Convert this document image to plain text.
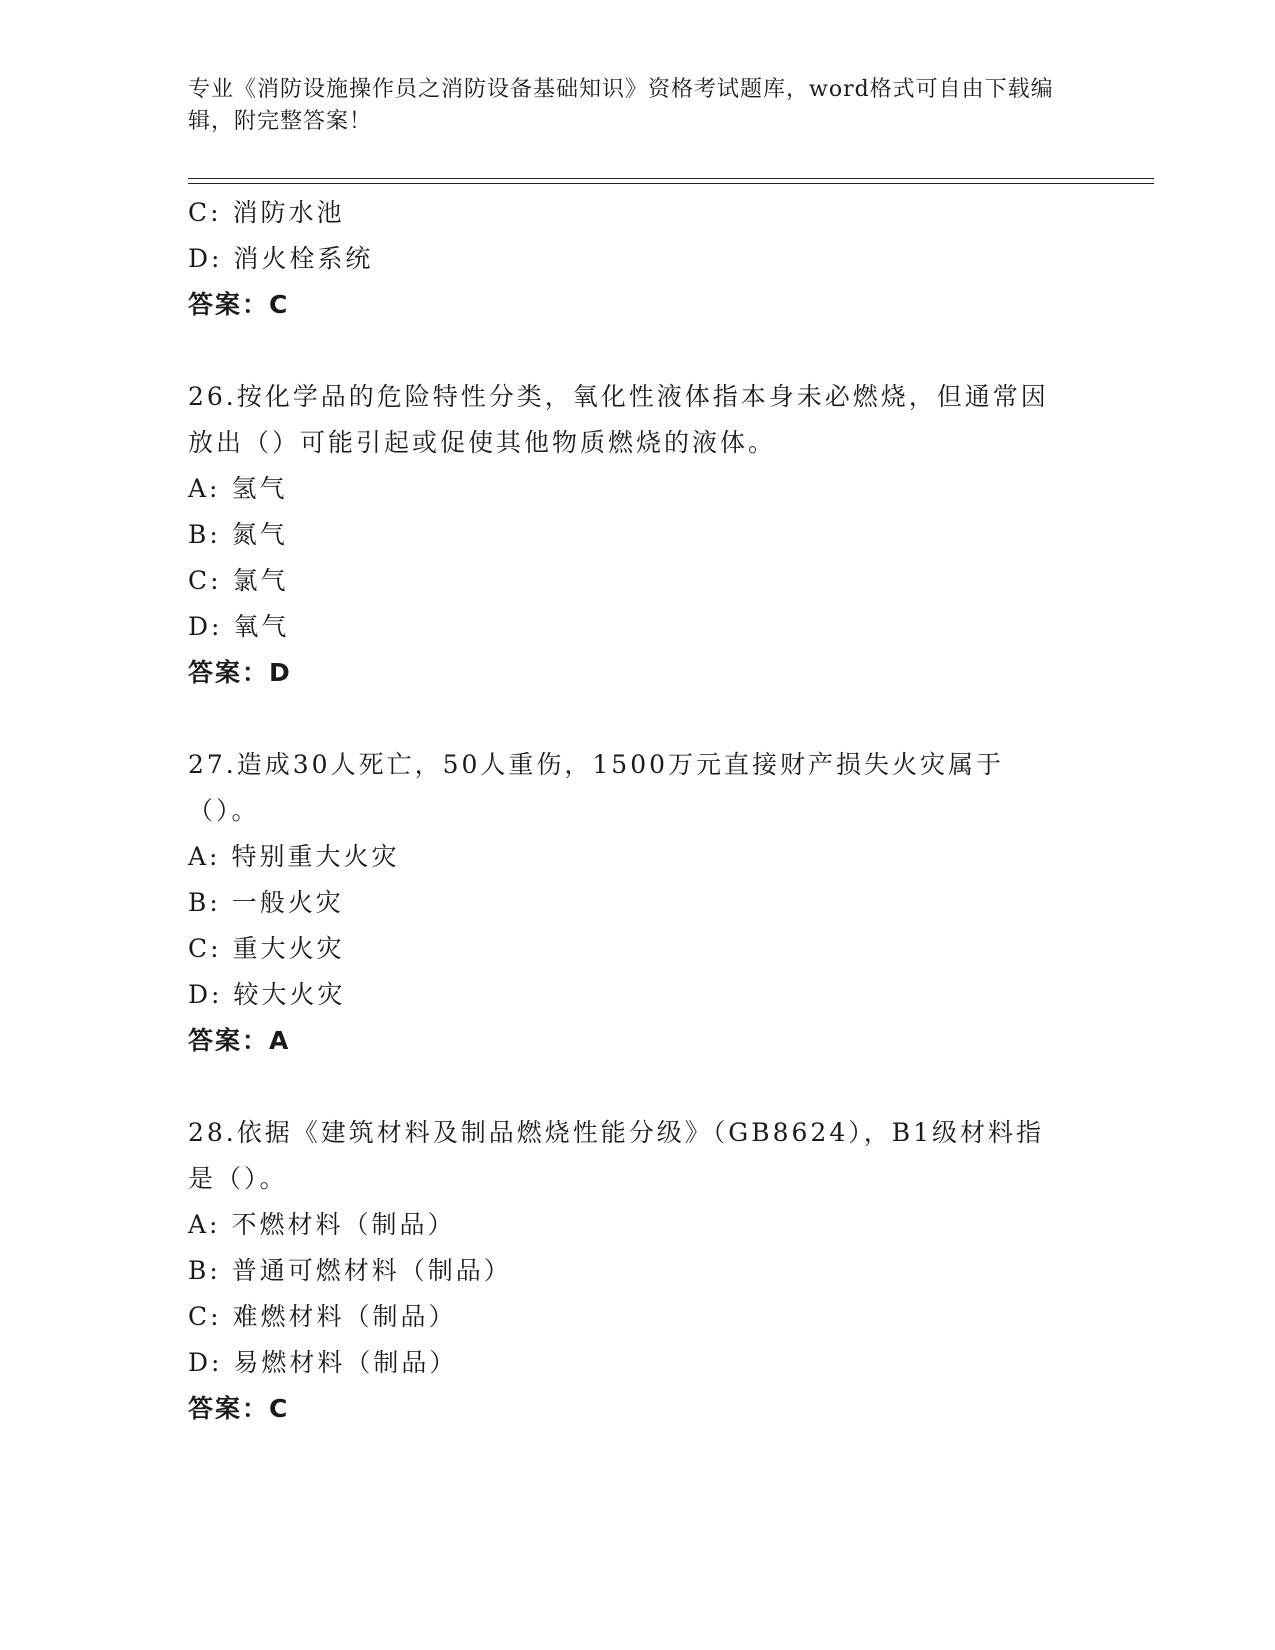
专业《消防设施操作员之消防设备基础知识》资格考试题库，word格式可自由下载编辑，附完整答案！
C: 消防水池
D: 消火栓系统
答案：C
26.按化学品的危险特性分类，氧化性液体指本身未必燃烧，但通常因放出（）可能引起或促使其他物质燃烧的液体。
A: 氢气
B: 氮气
C: 氯气
D: 氧气
答案：D
27.造成30人死亡，50人重伤，1500万元直接财产损失火灾属于（）。
A: 特别重大火灾
B: 一般火灾
C: 重大火灾
D: 较大火灾
答案：A
28.依据《建筑材料及制品燃烧性能分级》（GB8624），B1级材料指是（）。
A: 不燃材料（制品）
B: 普通可燃材料（制品）
C: 难燃材料（制品）
D: 易燃材料（制品）
答案：C
